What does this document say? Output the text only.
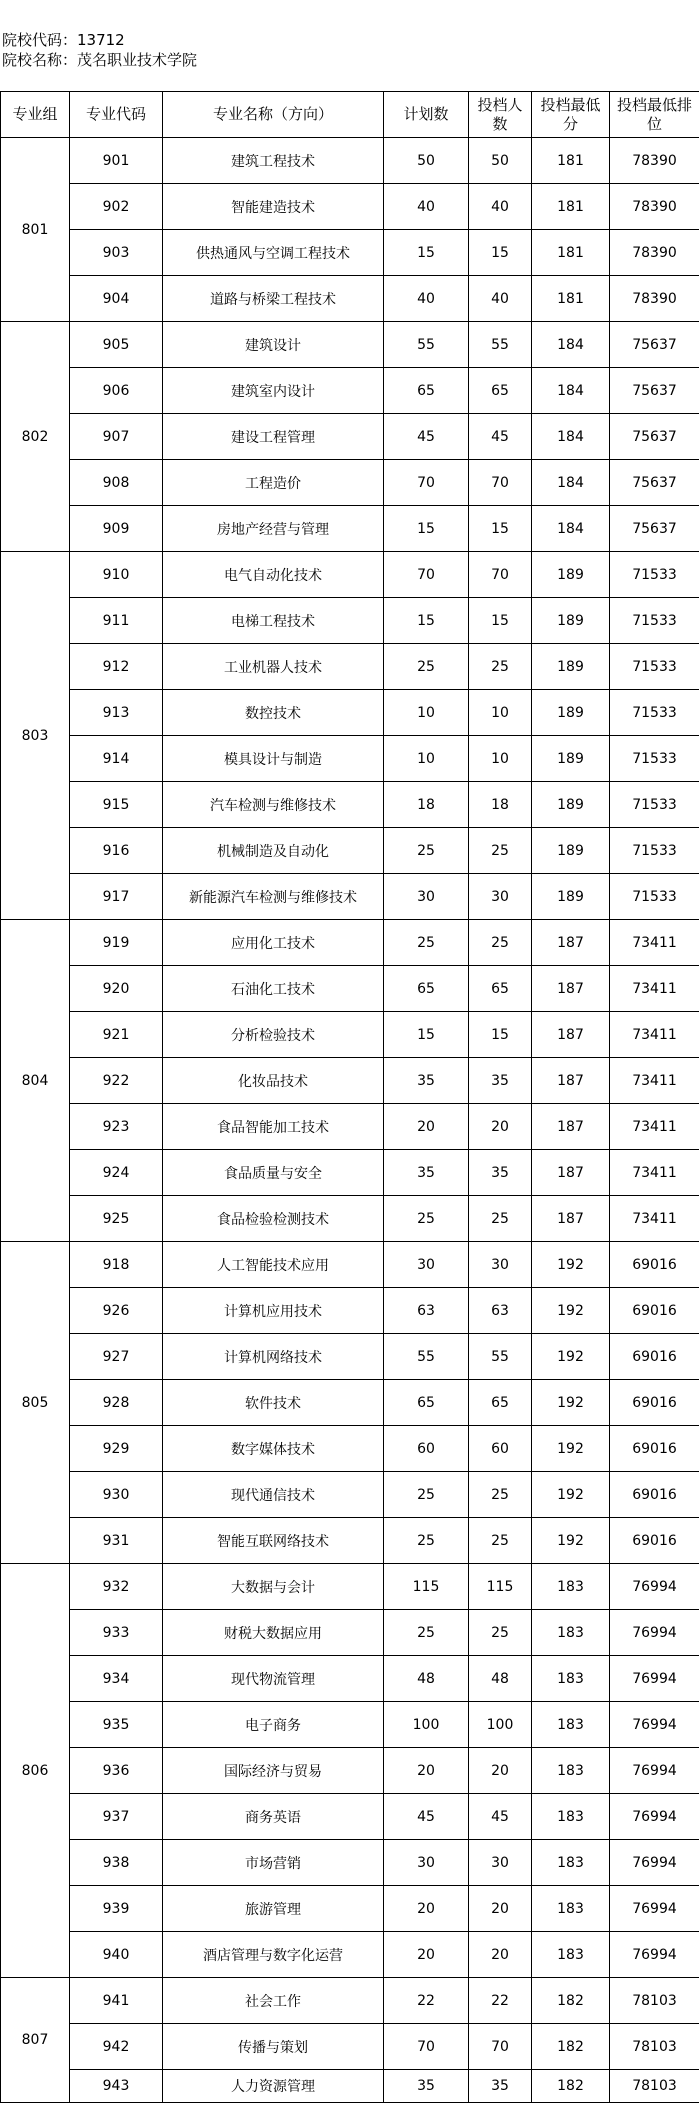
院校代码：13712
院校名称：茂名职业技术学院
专业组	专业代码	专业名称（方向）	计划数	投档人数	投档最低分	投档最低排位
801	901	建筑工程技术	50	50	181	78390
	902	智能建造技术	40	40	181	78390
	903	供热通风与空调工程技术	15	15	181	78390
	904	道路与桥梁工程技术	40	40	181	78390
802	905	建筑设计	55	55	184	75637
	906	建筑室内设计	65	65	184	75637
	907	建设工程管理	45	45	184	75637
	908	工程造价	70	70	184	75637
	909	房地产经营与管理	15	15	184	75637
803	910	电气自动化技术	70	70	189	71533
	911	电梯工程技术	15	15	189	71533
	912	工业机器人技术	25	25	189	71533
	913	数控技术	10	10	189	71533
	914	模具设计与制造	10	10	189	71533
	915	汽车检测与维修技术	18	18	189	71533
	916	机械制造及自动化	25	25	189	71533
	917	新能源汽车检测与维修技术	30	30	189	71533
804	919	应用化工技术	25	25	187	73411
	920	石油化工技术	65	65	187	73411
	921	分析检验技术	15	15	187	73411
	922	化妆品技术	35	35	187	73411
	923	食品智能加工技术	20	20	187	73411
	924	食品质量与安全	35	35	187	73411
	925	食品检验检测技术	25	25	187	73411
805	918	人工智能技术应用	30	30	192	69016
	926	计算机应用技术	63	63	192	69016
	927	计算机网络技术	55	55	192	69016
	928	软件技术	65	65	192	69016
	929	数字媒体技术	60	60	192	69016
	930	现代通信技术	25	25	192	69016
	931	智能互联网络技术	25	25	192	69016
806	932	大数据与会计	115	115	183	76994
	933	财税大数据应用	25	25	183	76994
	934	现代物流管理	48	48	183	76994
	935	电子商务	100	100	183	76994
	936	国际经济与贸易	20	20	183	76994
	937	商务英语	45	45	183	76994
	938	市场营销	30	30	183	76994
	939	旅游管理	20	20	183	76994
	940	酒店管理与数字化运营	20	20	183	76994
807	941	社会工作	22	22	182	78103
	942	传播与策划	70	70	182	78103
	943	人力资源管理	35	35	182	78103
